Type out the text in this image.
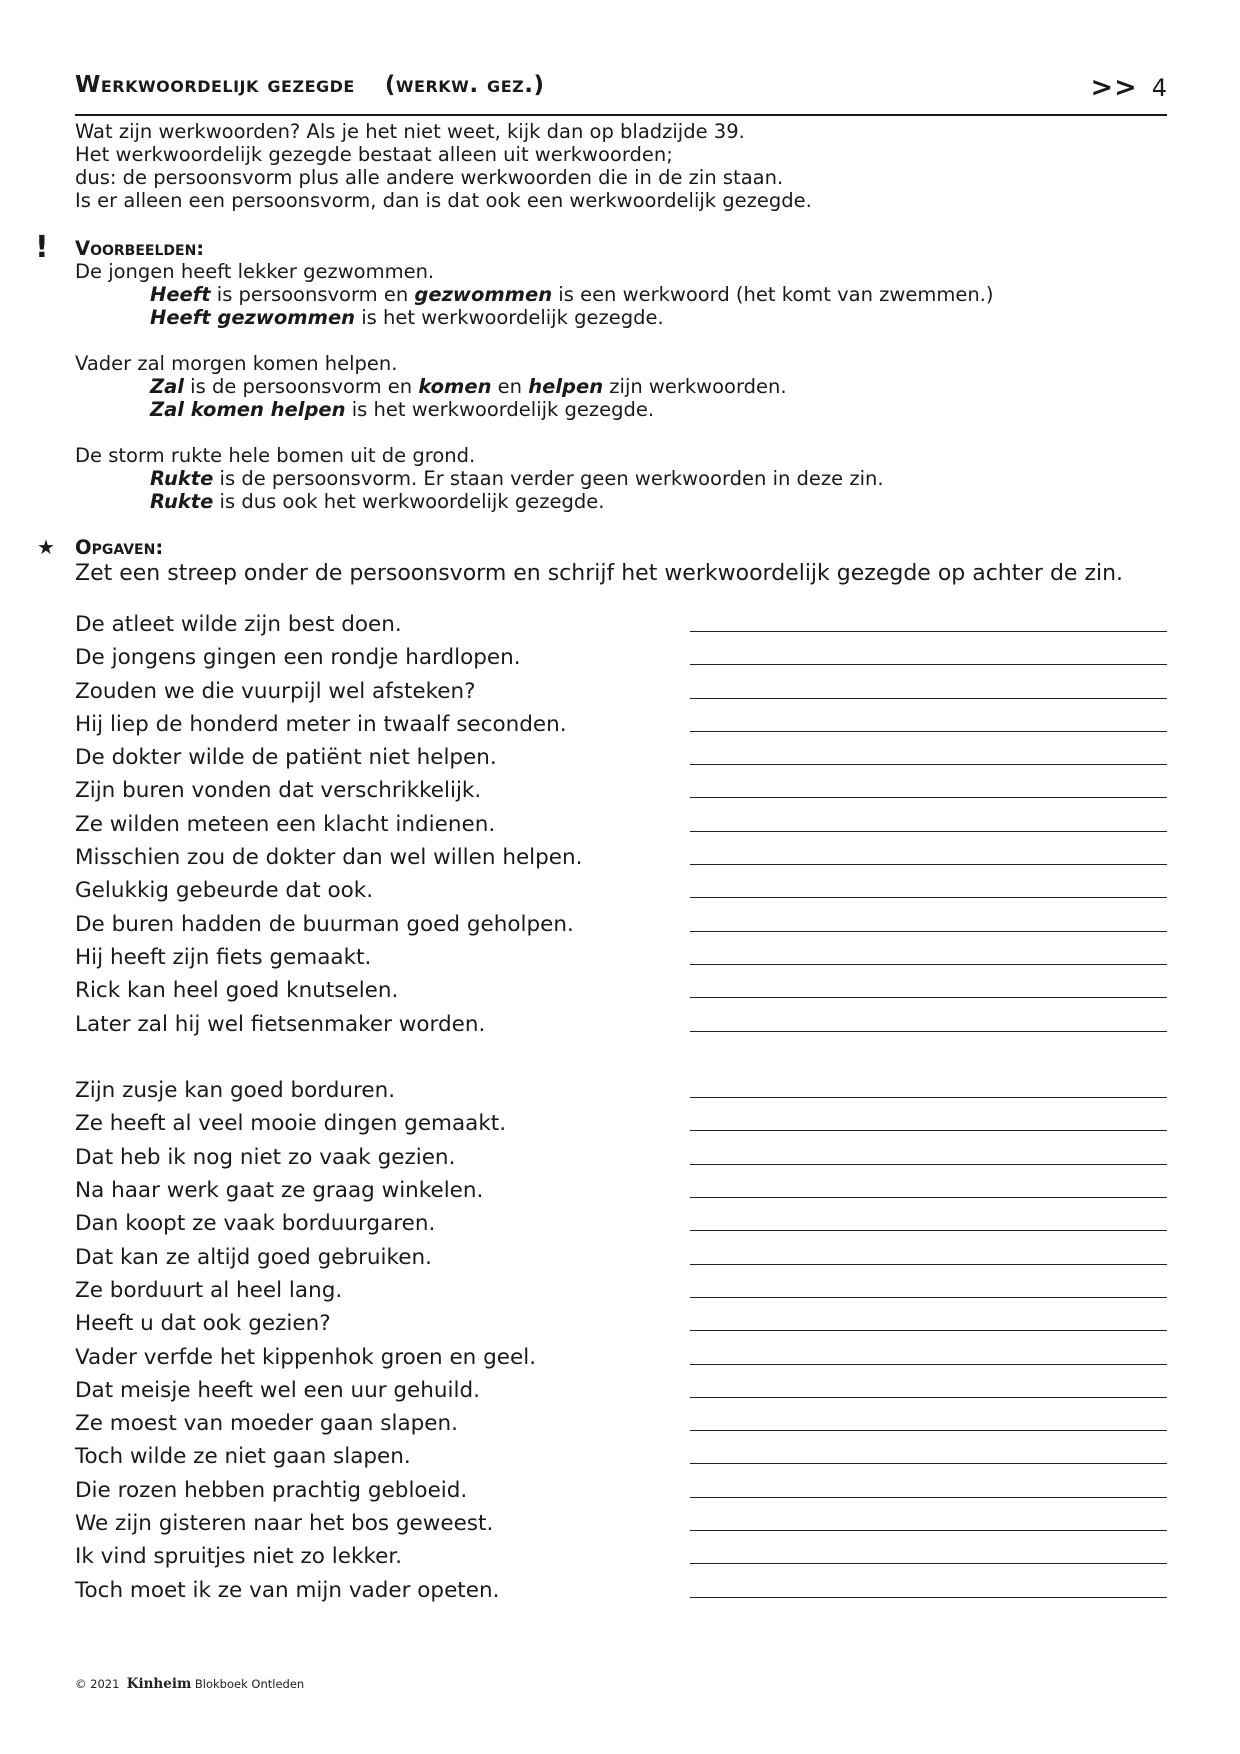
Werkwoordelijk gezegde (werkw. gez.)	>> 4
Wat zijn werkwoorden? Als je het niet weet, kijk dan op bladzijde 39.
Het werkwoordelijk gezegde bestaat alleen uit werkwoorden;
dus: de persoonsvorm plus alle andere werkwoorden die in de zin staan.
Is er alleen een persoonsvorm, dan is dat ook een werkwoordelijk gezegde.
! Voorbeelden:
De jongen heeft lekker gezwommen.
Heeft is persoonsvorm en gezwommen is een werkwoord (het komt van zwemmen.)
Heeft gezwommen is het werkwoordelijk gezegde.
Vader zal morgen komen helpen.
Zal is de persoonsvorm en komen en helpen zijn werkwoorden.
Zal komen helpen is het werkwoordelijk gezegde.
De storm rukte hele bomen uit de grond.
Rukte is de persoonsvorm. Er staan verder geen werkwoorden in deze zin.
Rukte is dus ook het werkwoordelijk gezegde.
★ Opgaven:
Zet een streep onder de persoonsvorm en schrijf het werkwoordelijk gezegde op achter de zin.
De atleet wilde zijn best doen.
De jongens gingen een rondje hardlopen.
Zouden we die vuurpijl wel afsteken?
Hij liep de honderd meter in twaalf seconden.
De dokter wilde de patiënt niet helpen.
Zijn buren vonden dat verschrikkelijk.
Ze wilden meteen een klacht indienen.
Misschien zou de dokter dan wel willen helpen.
Gelukkig gebeurde dat ook.
De buren hadden de buurman goed geholpen.
Hij heeft zijn fiets gemaakt.
Rick kan heel goed knutselen.
Later zal hij wel fietsenmaker worden.
Zijn zusje kan goed borduren.
Ze heeft al veel mooie dingen gemaakt.
Dat heb ik nog niet zo vaak gezien.
Na haar werk gaat ze graag winkelen.
Dan koopt ze vaak borduurgaren.
Dat kan ze altijd goed gebruiken.
Ze borduurt al heel lang.
Heeft u dat ook gezien?
Vader verfde het kippenhok groen en geel.
Dat meisje heeft wel een uur gehuild.
Ze moest van moeder gaan slapen.
Toch wilde ze niet gaan slapen.
Die rozen hebben prachtig gebloeid.
We zijn gisteren naar het bos geweest.
Ik vind spruitjes niet zo lekker.
Toch moet ik ze van mijn vader opeten.
© 2021 Kinheim Blokboek Ontleden
